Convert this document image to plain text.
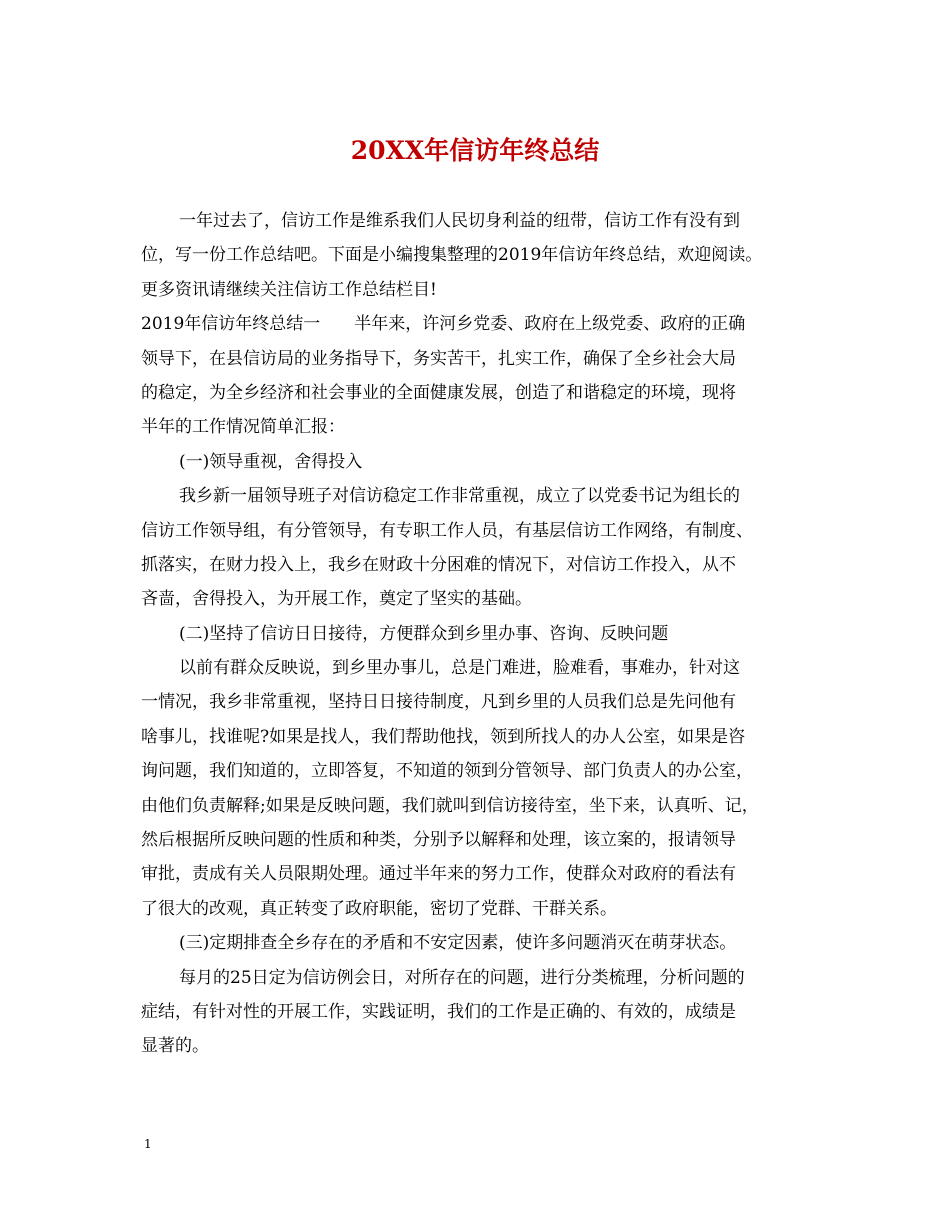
20XX年信访年终总结
一年过去了，信访工作是维系我们人民切身利益的纽带，信访工作有没有到
位，写一份工作总结吧。下面是小编搜集整理的2019年信访年终总结，欢迎阅读。
更多资讯请继续关注信访工作总结栏目!
2019年信访年终总结一　　半年来，许河乡党委、政府在上级党委、政府的正确
领导下，在县信访局的业务指导下，务实苦干，扎实工作，确保了全乡社会大局
的稳定，为全乡经济和社会事业的全面健康发展，创造了和谐稳定的环境，现将
半年的工作情况简单汇报：
(一)领导重视，舍得投入
我乡新一届领导班子对信访稳定工作非常重视，成立了以党委书记为组长的
信访工作领导组，有分管领导，有专职工作人员，有基层信访工作网络，有制度、
抓落实，在财力投入上，我乡在财政十分困难的情况下，对信访工作投入，从不
吝啬，舍得投入，为开展工作，奠定了坚实的基础。
(二)坚持了信访日日接待，方便群众到乡里办事、咨询、反映问题
以前有群众反映说，到乡里办事儿，总是门难进，脸难看，事难办，针对这
一情况，我乡非常重视，坚持日日接待制度，凡到乡里的人员我们总是先问他有
啥事儿，找谁呢?如果是找人，我们帮助他找，领到所找人的办人公室，如果是咨
询问题，我们知道的，立即答复，不知道的领到分管领导、部门负责人的办公室，
由他们负责解释;如果是反映问题，我们就叫到信访接待室，坐下来，认真听、记，
然后根据所反映问题的性质和种类，分别予以解释和处理，该立案的，报请领导
审批，责成有关人员限期处理。通过半年来的努力工作，使群众对政府的看法有
了很大的改观，真正转变了政府职能，密切了党群、干群关系。
(三)定期排查全乡存在的矛盾和不安定因素，使许多问题消灭在萌芽状态。
每月的25日定为信访例会日，对所存在的问题，进行分类梳理，分析问题的
症结，有针对性的开展工作，实践证明，我们的工作是正确的、有效的，成绩是
显著的。
1
